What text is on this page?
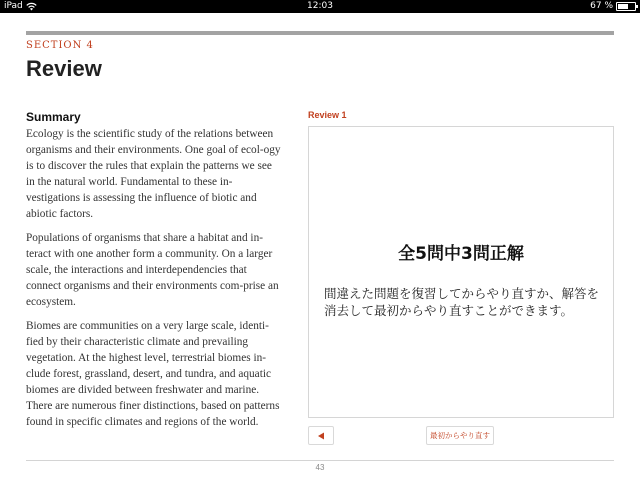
iPad	12:03	67 %
SECTION 4
Review
Summary

Ecology is the scientific study of the relations between organisms and their environments. One goal of ecol-ogy is to discover the rules that explain the patterns we see in the natural world. Fundamental to these in-vestigations is assessing the influence of biotic and abiotic factors.

Populations of organisms that share a habitat and in-teract with one another form a community. On a larger scale, the interactions and interdependencies that connect organisms and their environments com-prise an ecosystem.

Biomes are communities on a very large scale, identi-fied by their characteristic climate and prevailing vegetation. At the highest level, terrestrial biomes in-clude forest, grassland, desert, and tundra, and aquatic biomes are divided between freshwater and marine. There are numerous finer distinctions, based on patterns found in specific climates and regions of the world.

Review 1
全5問中3問正解
間違えた問題を復習してからやり直すか、解答を消去して最初からやり直すことができます。
最初からやり直す
43
